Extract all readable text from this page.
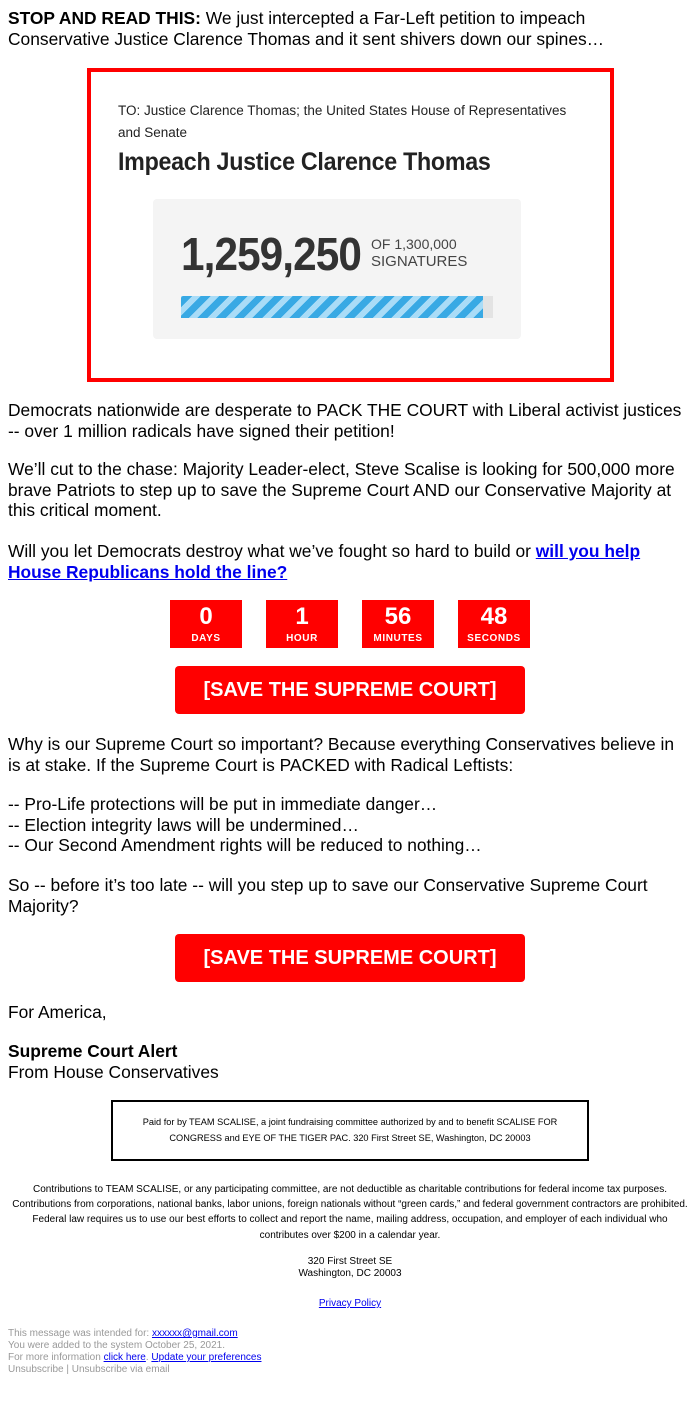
STOP AND READ THIS: We just intercepted a Far-Left petition to impeach Conservative Justice Clarence Thomas and it sent shivers down our spines…

TO: Justice Clarence Thomas; the United States House of Representatives and Senate
Impeach Justice Clarence Thomas
1,259,250 OF 1,300,000
SIGNATURES

Democrats nationwide are desperate to PACK THE COURT with Liberal activist justices -- over 1 million radicals have signed their petition!

We’ll cut to the chase: Majority Leader-elect, Steve Scalise is looking for 500,000 more brave Patriots to step up to save the Supreme Court AND our Conservative Majority at this critical moment.

Will you let Democrats destroy what we’ve fought so hard to build or will you help House Republicans hold the line?

0
DAYS
1
HOUR
56
MINUTES
48
SECONDS
[SAVE THE SUPREME COURT]

Why is our Supreme Court so important? Because everything Conservatives believe in is at stake. If the Supreme Court is PACKED with Radical Leftists:

-- Pro-Life protections will be put in immediate danger…
-- Election integrity laws will be undermined…
-- Our Second Amendment rights will be reduced to nothing…

So -- before it’s too late -- will you step up to save our Conservative Supreme Court Majority?

[SAVE THE SUPREME COURT]

For America,

Supreme Court Alert
From House Conservatives

Paid for by TEAM SCALISE, a joint fundraising committee authorized by and to benefit SCALISE FOR CONGRESS and EYE OF THE TIGER PAC. 320 First Street SE, Washington, DC 20003

Contributions to TEAM SCALISE, or any participating committee, are not deductible as charitable contributions for federal income tax purposes. Contributions from corporations, national banks, labor unions, foreign nationals without “green cards,” and federal government contractors are prohibited. Federal law requires us to use our best efforts to collect and report the name, mailing address, occupation, and employer of each individual who contributes over $200 in a calendar year.

320 First Street SE
Washington, DC 20003
Privacy Policy
This message was intended for: xxxxxx@gmail.com
You were added to the system October 25, 2021.
For more information click here. Update your preferences
Unsubscribe | Unsubscribe via email
